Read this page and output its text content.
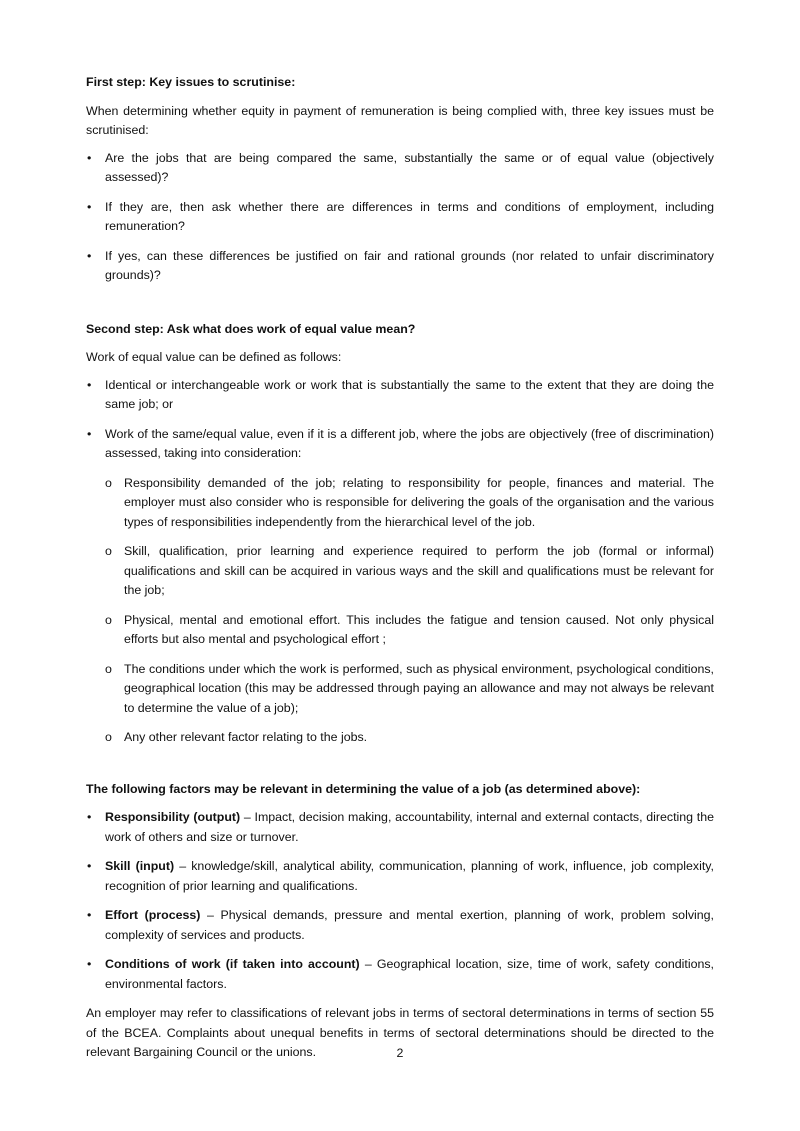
First step: Key issues to scrutinise:
When determining whether equity in payment of remuneration is being complied with, three key issues must be scrutinised:
• Are the jobs that are being compared the same, substantially the same or of equal value (objectively assessed)?
• If they are, then ask whether there are differences in terms and conditions of employment, including remuneration?
• If yes, can these differences be justified on fair and rational grounds (nor related to unfair discriminatory grounds)?
Second step: Ask what does work of equal value mean?
Work of equal value can be defined as follows:
• Identical or interchangeable work or work that is substantially the same to the extent that they are doing the same job; or
• Work of the same/equal value, even if it is a different job, where the jobs are objectively (free of discrimination) assessed, taking into consideration:
o Responsibility demanded of the job; relating to responsibility for people, finances and material. The employer must also consider who is responsible for delivering the goals of the organisation and the various types of responsibilities independently from the hierarchical level of the job.
o Skill, qualification, prior learning and experience required to perform the job (formal or informal) qualifications and skill can be acquired in various ways and the skill and qualifications must be relevant for the job;
o Physical, mental and emotional effort. This includes the fatigue and tension caused. Not only physical efforts but also mental and psychological effort ;
o The conditions under which the work is performed, such as physical environment, psychological conditions, geographical location (this may be addressed through paying an allowance and may not always be relevant to determine the value of a job);
o Any other relevant factor relating to the jobs.
The following factors may be relevant in determining the value of a job (as determined above):
• Responsibility (output) – Impact, decision making, accountability, internal and external contacts, directing the work of others and size or turnover.
• Skill (input) – knowledge/skill, analytical ability, communication, planning of work, influence, job complexity, recognition of prior learning and qualifications.
• Effort (process) – Physical demands, pressure and mental exertion, planning of work, problem solving, complexity of services and products.
• Conditions of work (if taken into account) – Geographical location, size, time of work, safety conditions, environmental factors.
An employer may refer to classifications of relevant jobs in terms of sectoral determinations in terms of section 55 of the BCEA. Complaints about unequal benefits in terms of sectoral determinations should be directed to the relevant Bargaining Council or the unions.	2
